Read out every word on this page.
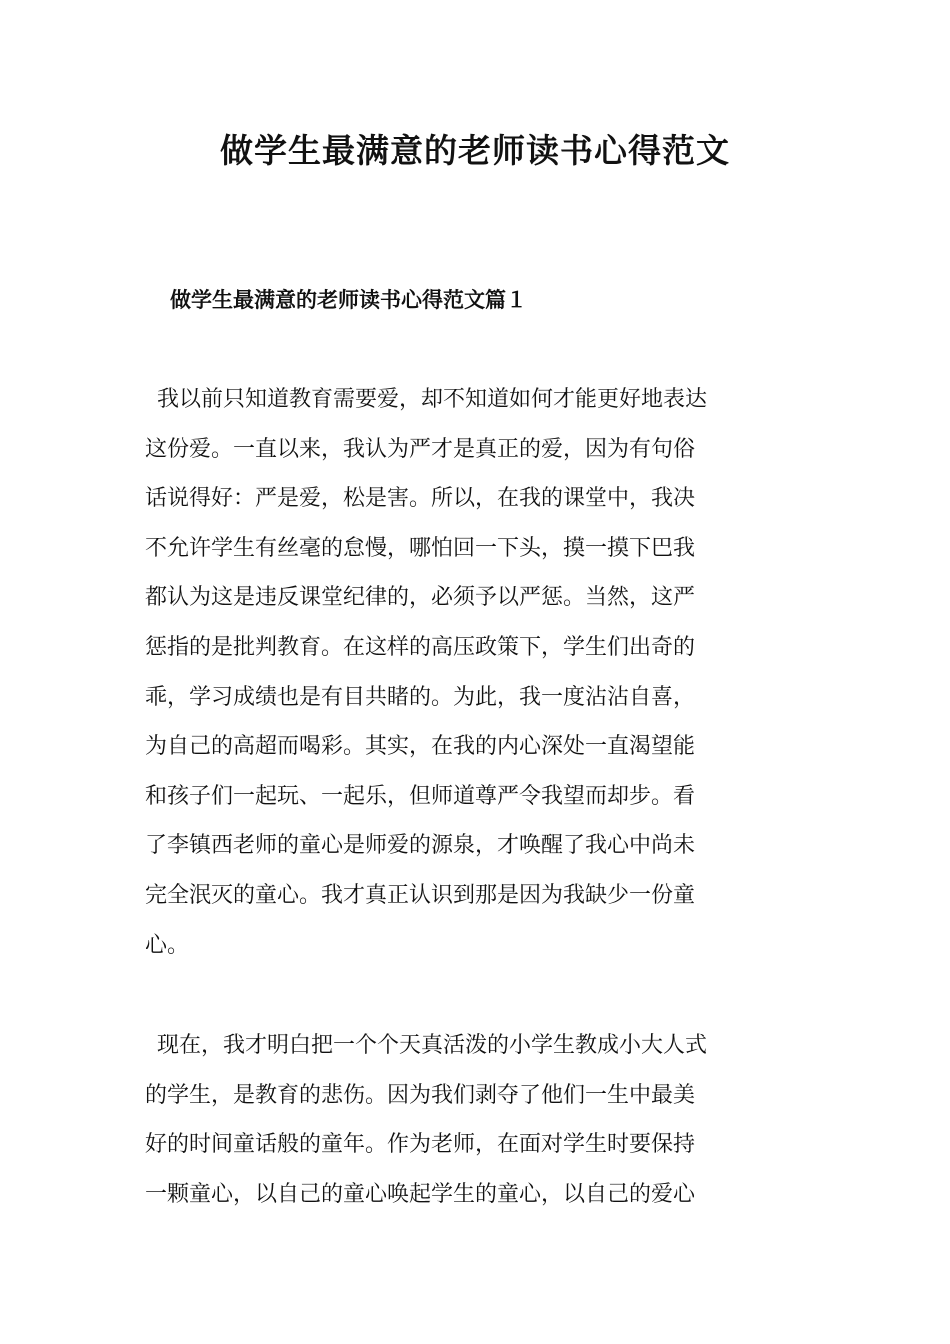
做学生最满意的老师读书心得范文
做学生最满意的老师读书心得范文篇１
我以前只知道教育需要爱，却不知道如何才能更好地表达
这份爱。一直以来，我认为严才是真正的爱，因为有句俗
话说得好：严是爱，松是害。所以，在我的课堂中，我决
不允许学生有丝毫的怠慢，哪怕回一下头，摸一摸下巴我
都认为这是违反课堂纪律的，必须予以严惩。当然，这严
惩指的是批判教育。在这样的高压政策下，学生们出奇的
乖，学习成绩也是有目共睹的。为此，我一度沾沾自喜，
为自己的高超而喝彩。其实，在我的内心深处一直渴望能
和孩子们一起玩、一起乐，但师道尊严令我望而却步。看
了李镇西老师的童心是师爱的源泉，才唤醒了我心中尚未
完全泯灭的童心。我才真正认识到那是因为我缺少一份童
心。
现在，我才明白把一个个天真活泼的小学生教成小大人式
的学生，是教育的悲伤。因为我们剥夺了他们一生中最美
好的时间童话般的童年。作为老师，在面对学生时要保持
一颗童心，以自己的童心唤起学生的童心，以自己的爱心
